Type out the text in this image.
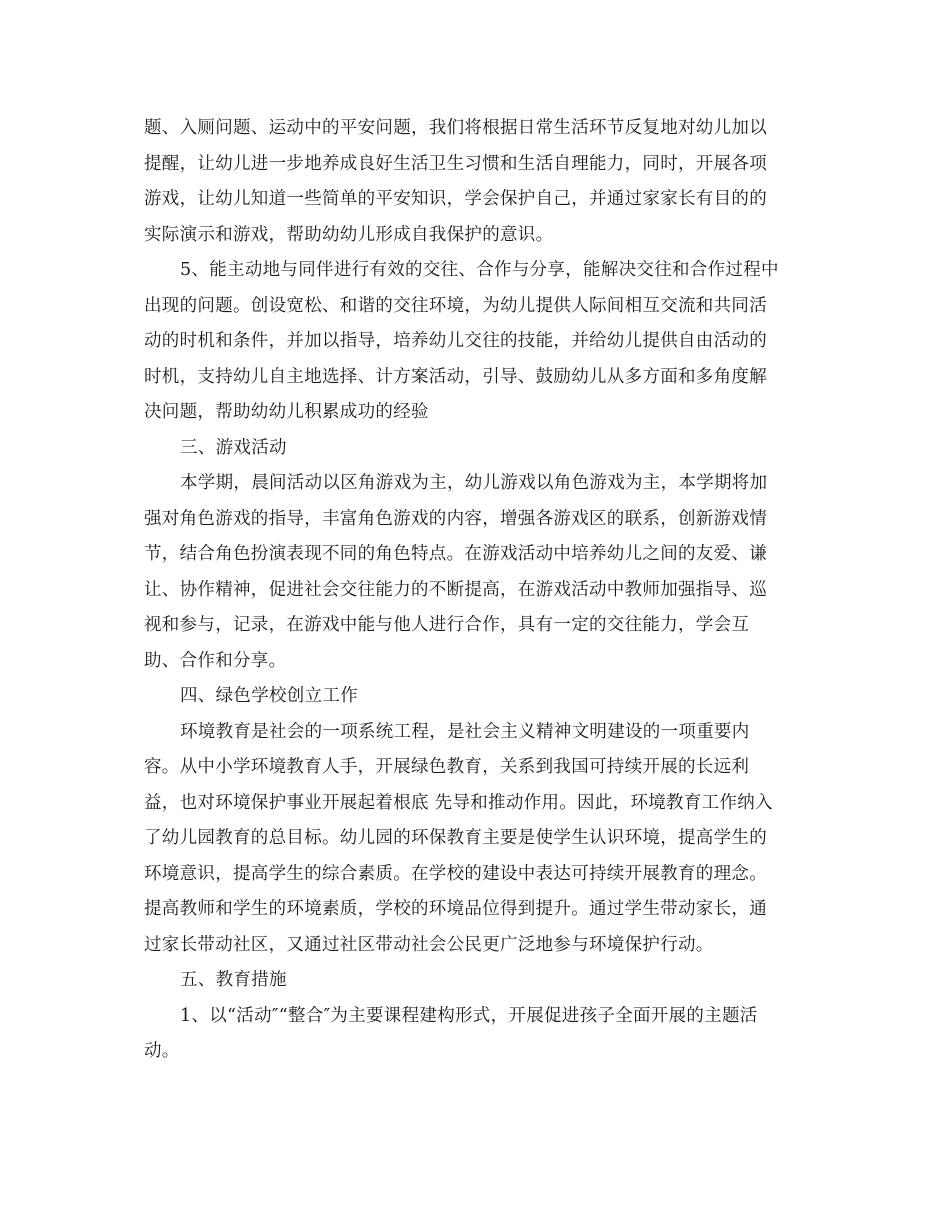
题、入厕问题、运动中的平安问题，我们将根据日常生活环节反复地对幼儿加以
提醒，让幼儿进一步地养成良好生活卫生习惯和生活自理能力，同时，开展各项
游戏，让幼儿知道一些简单的平安知识，学会保护自己，并通过家家长有目的的
实际演示和游戏，帮助幼幼儿形成自我保护的意识。
5、能主动地与同伴进行有效的交往、合作与分享，能解决交往和合作过程中
出现的问题。创设宽松、和谐的交往环境，为幼儿提供人际间相互交流和共同活
动的时机和条件，并加以指导，培养幼儿交往的技能，并给幼儿提供自由活动的
时机，支持幼儿自主地选择、计方案活动，引导、鼓励幼儿从多方面和多角度解
决问题，帮助幼幼儿积累成功的经验
三、游戏活动
本学期，晨间活动以区角游戏为主，幼儿游戏以角色游戏为主，本学期将加
强对角色游戏的指导，丰富角色游戏的内容，增强各游戏区的联系，创新游戏情
节，结合角色扮演表现不同的角色特点。在游戏活动中培养幼儿之间的友爱、谦
让、协作精神，促进社会交往能力的不断提高，在游戏活动中教师加强指导、巡
视和参与，记录，在游戏中能与他人进行合作，具有一定的交往能力，学会互
助、合作和分享。
四、绿色学校创立工作
环境教育是社会的一项系统工程，是社会主义精神文明建设的一项重要内
容。从中小学环境教育人手，开展绿色教育，关系到我国可持续开展的长远利
益，也对环境保护事业开展起着根底 先导和推动作用。因此，环境教育工作纳入
了幼儿园教育的总目标。幼儿园的环保教育主要是使学生认识环境，提高学生的
环境意识，提高学生的综合素质。在学校的建设中表达可持续开展教育的理念。
提高教师和学生的环境素质，学校的环境品位得到提升。通过学生带动家长，通
过家长带动社区，又通过社区带动社会公民更广泛地参与环境保护行动。
五、教育措施
1、以“活动″“整合″为主要课程建构形式，开展促进孩子全面开展的主题活
动。
